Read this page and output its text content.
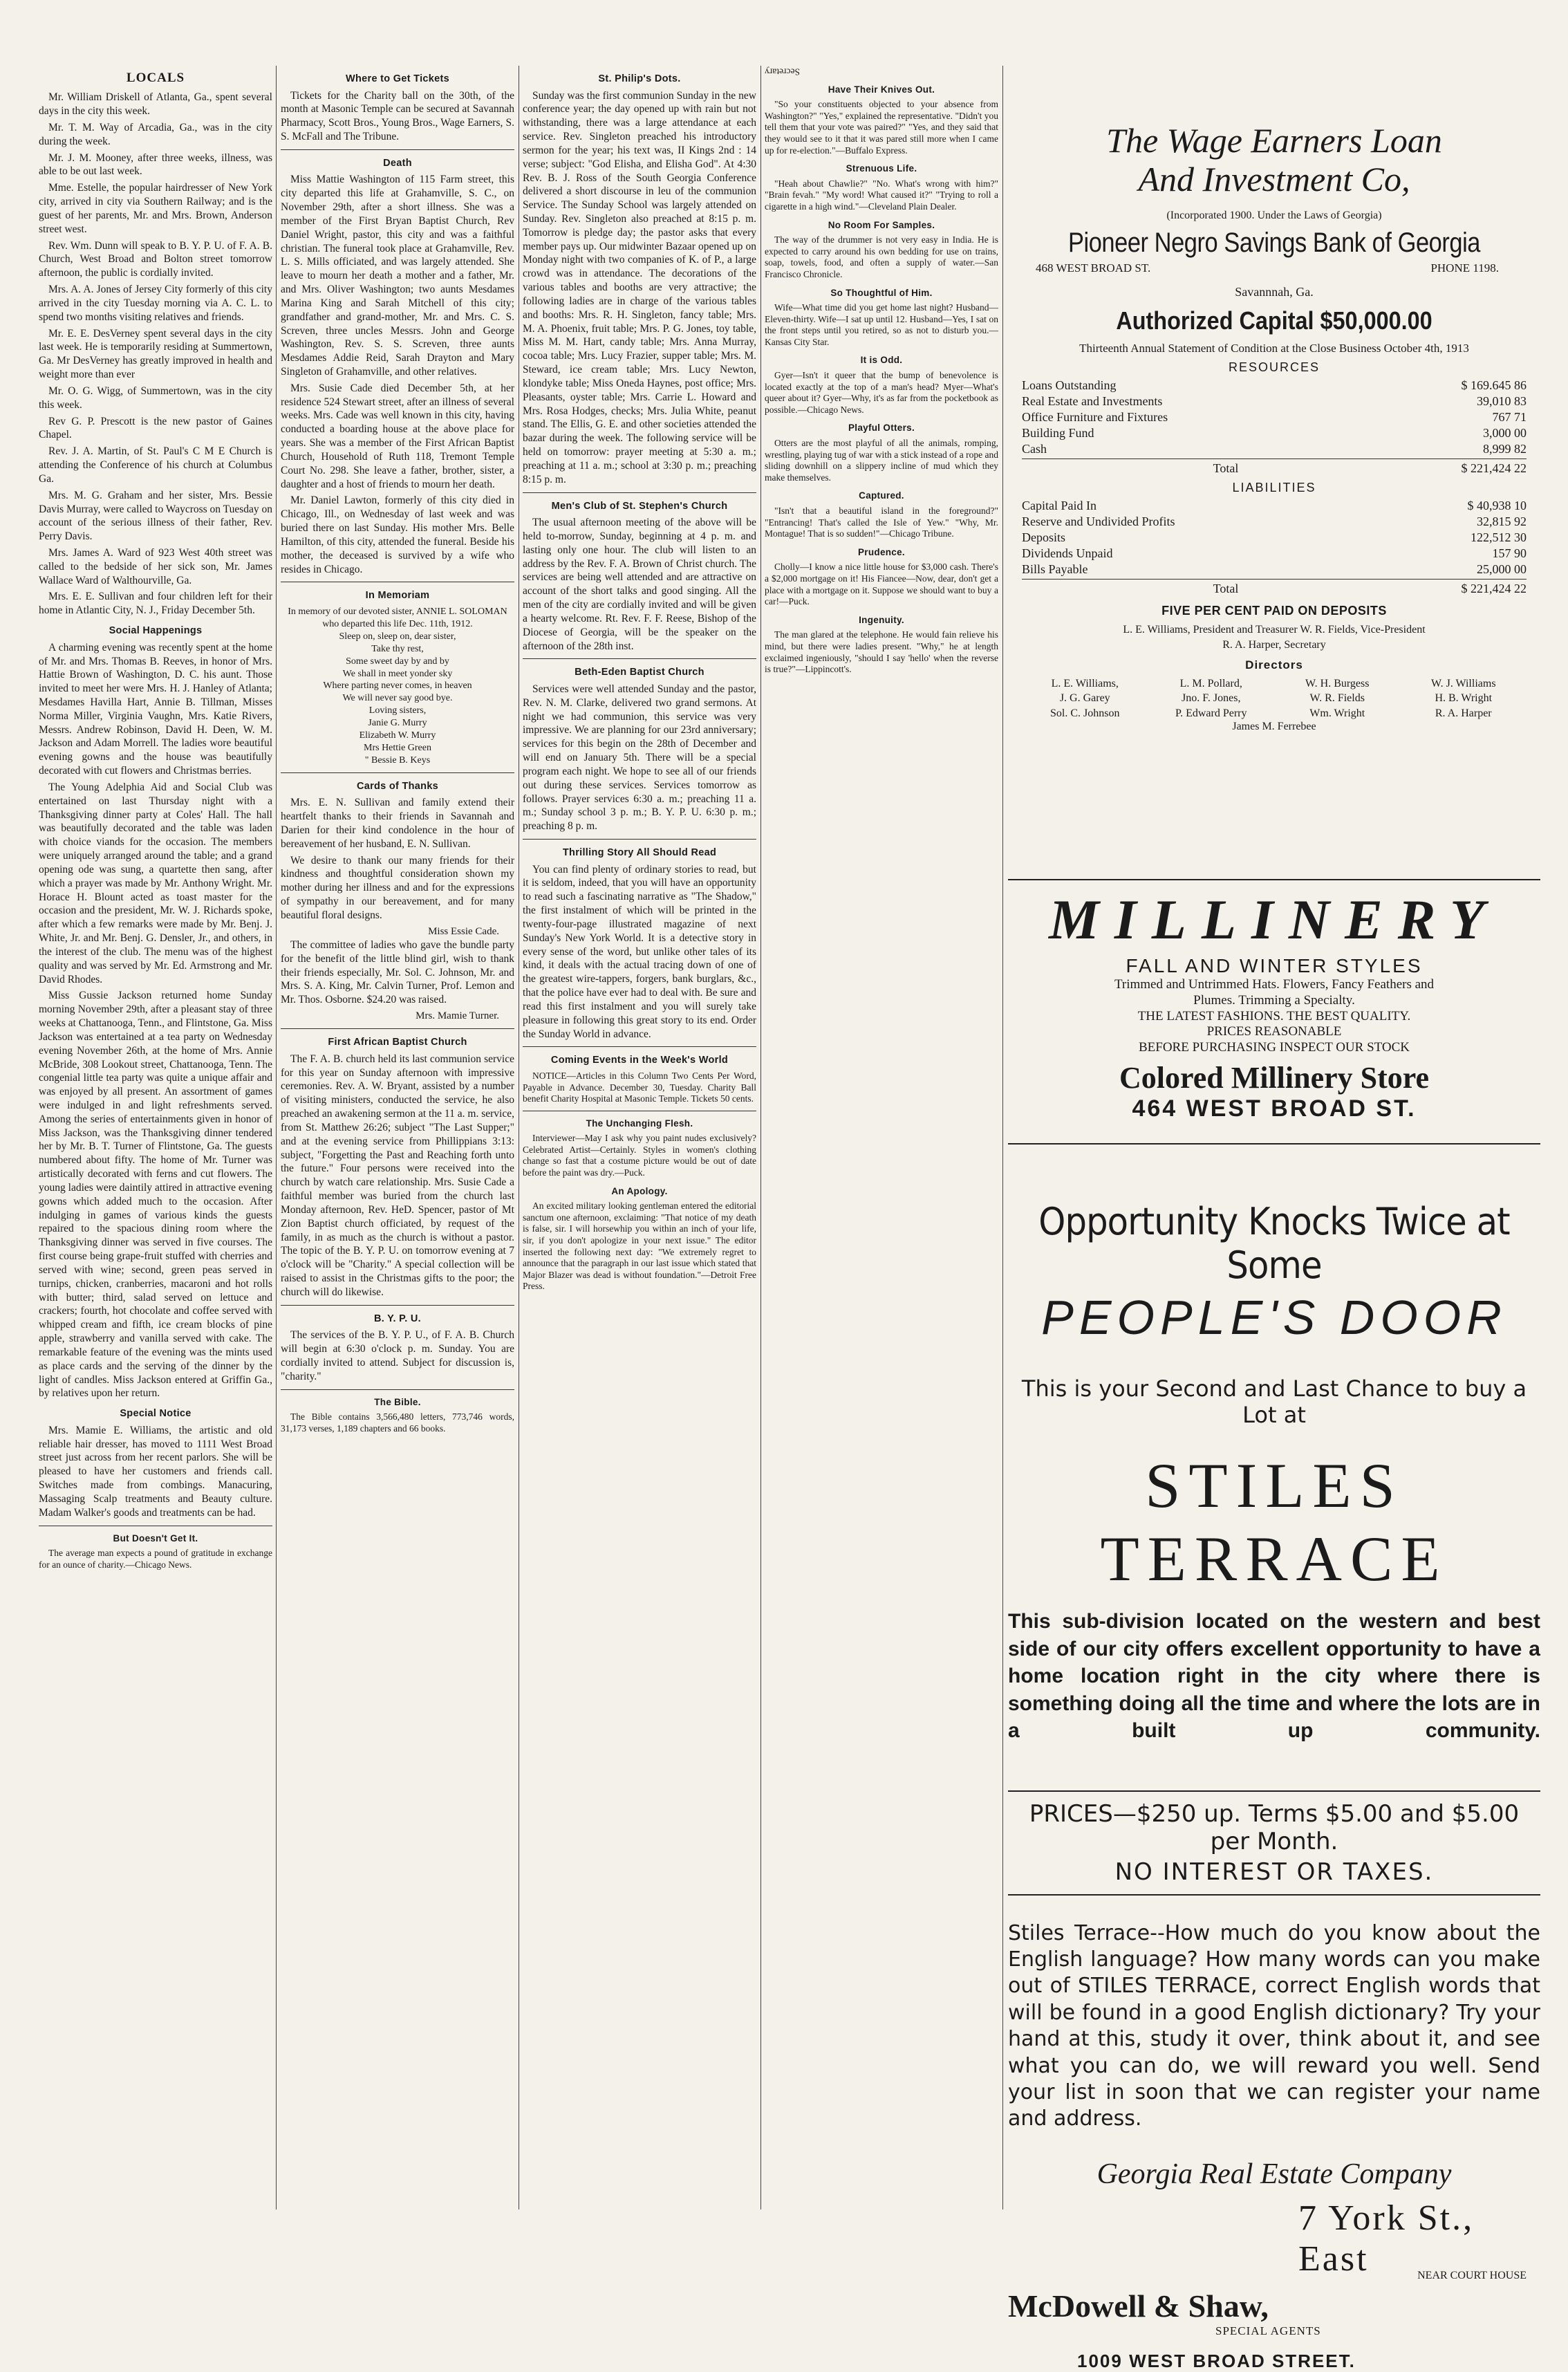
LOCALS

Mr. William Driskell of Atlanta, Ga., spent several days in the city this week.

Mr. T. M. Way of Arcadia, Ga., was in the city during the week.

Mr. J. M. Mooney, after three weeks, illness, was able to be out last week.

Mme. Estelle, the popular hairdresser of New York city, arrived in city via Southern Railway; and is the guest of her parents, Mr. and Mrs. Brown, Anderson street west.

Rev. Wm. Dunn will speak to B. Y. P. U. of F. A. B. Church, West Broad and Bolton street tomorrow afternoon, the public is cordially invited.

Mrs. A. A. Jones of Jersey City formerly of this city arrived in the city Tuesday morning via A. C. L. to spend two months visiting relatives and friends.

Mr. E. E. DesVerney spent several days in the city last week. He is temporarily residing at Summertown, Ga. Mr DesVerney has greatly improved in health and weight more than ever

Mr. O. G. Wigg, of Summertown, was in the city this week.

Rev G. P. Prescott is the new pastor of Gaines Chapel.

Rev. J. A. Martin, of St. Paul's C M E Church is attending the Conference of his church at Columbus Ga.

Mrs. M. G. Graham and her sister, Mrs. Bessie Davis Murray, were called to Waycross on Tuesday on account of the serious illness of their father, Rev. Perry Davis.

Mrs. James A. Ward of 923 West 40th street was called to the bedside of her sick son, Mr. James Wallace Ward of Walthourville, Ga.

Mrs. E. E. Sullivan and four children left for their home in Atlantic City, N. J., Friday December 5th.

Social Happenings

A charming evening was recently spent at the home of Mr. and Mrs. Thomas B. Reeves, in honor of Mrs. Hattie Brown of Washington, D. C. his aunt. Those invited to meet her were Mrs. H. J. Hanley of Atlanta; Mesdames Havilla Hart, Annie B. Tillman, Misses Norma Miller, Virginia Vaughn, Mrs. Katie Rivers, Messrs. Andrew Robinson, David H. Deen, W. M. Jackson and Adam Morrell. The ladies wore beautiful evening gowns and the house was beautifully decorated with cut flowers and Christmas berries.

The Young Adelphia Aid and Social Club was entertained on last Thursday night with a Thanksgiving dinner party at Coles' Hall. The hall was beautifully decorated and the table was laden with choice viands for the occasion. The members were uniquely arranged around the table; and a grand opening ode was sung, a quartette then sang, after which a prayer was made by Mr. Anthony Wright. Mr. Horace H. Blount acted as toast master for the occasion and the president, Mr. W. J. Richards spoke, after which a few remarks were made by Mr. Benj. J. White, Jr. and Mr. Benj. G. Densler, Jr., and others, in the interest of the club. The menu was of the highest quality and was served by Mr. Ed. Armstrong and Mr. David Rhodes.

Miss Gussie Jackson returned home Sunday morning November 29th, after a pleasant stay of three weeks at Chattanooga, Tenn., and Flintstone, Ga. Miss Jackson was entertained at a tea party on Wednesday evening November 26th, at the home of Mrs. Annie McBride, 308 Lookout street, Chattanooga, Tenn. The congenial little tea party was quite a unique affair and was enjoyed by all present. An assortment of games were indulged in and light refreshments served. Among the series of entertainments given in honor of Miss Jackson, was the Thanksgiving dinner tendered her by Mr. B. T. Turner of Flintstone, Ga. The guests numbered about fifty. The home of Mr. Turner was artistically decorated with ferns and cut flowers. The young ladies were daintily attired in attractive evening gowns which added much to the occasion. After indulging in games of various kinds the guests repaired to the spacious dining room where the Thanksgiving dinner was served in five courses. The first course being grape-fruit stuffed with cherries and served with wine; second, green peas served in turnips, chicken, cranberries, macaroni and hot rolls with butter; third, salad served on lettuce and crackers; fourth, hot chocolate and coffee served with whipped cream and fifth, ice cream blocks of pine apple, strawberry and vanilla served with cake. The remarkable feature of the evening was the mints used as place cards and the serving of the dinner by the light of candles. Miss Jackson entered at Griffin Ga., by relatives upon her return.

Special Notice

Mrs. Mamie E. Williams, the artistic and old reliable hair dresser, has moved to 1111 West Broad street just across from her recent parlors. She will be pleased to have her customers and friends call. Switches made from combings. Manacuring, Massaging Scalp treatments and Beauty culture. Madam Walker's goods and treatments can be had.

But Doesn't Get It.

The average man expects a pound of gratitude in exchange for an ounce of charity.—Chicago News.

Where to Get Tickets

Tickets for the Charity ball on the 30th, of the month at Masonic Temple can be secured at Savannah Pharmacy, Scott Bros., Young Bros., Wage Earners, S. S. McFall and The Tribune.

Death

Miss Mattie Washington of 115 Farm street, this city departed this life at Grahamville, S. C., on November 29th, after a short illness. She was a member of the First Bryan Baptist Church, Rev Daniel Wright, pastor, this city and was a faithful christian. The funeral took place at Grahamville, Rev. L. S. Mills officiated, and was largely attended. She leave to mourn her death a mother and a father, Mr. and Mrs. Oliver Washington; two aunts Mesdames Marina King and Sarah Mitchell of this city; grandfather and grand-mother, Mr. and Mrs. C. S. Screven, three uncles Messrs. John and George Washington, Rev. S. S. Screven, three aunts Mesdames Addie Reid, Sarah Drayton and Mary Singleton of Grahamville, and other relatives.

Mrs. Susie Cade died December 5th, at her residence 524 Stewart street, after an illness of several weeks. Mrs. Cade was well known in this city, having conducted a boarding house at the above place for years. She was a member of the First African Baptist Church, Household of Ruth 118, Tremont Temple Court No. 298. She leave a father, brother, sister, a daughter and a host of friends to mourn her death.

Mr. Daniel Lawton, formerly of this city died in Chicago, Ill., on Wednesday of last week and was buried there on last Sunday. His mother Mrs. Belle Hamilton, of this city, attended the funeral. Beside his mother, the deceased is survived by a wife who resides in Chicago.

In Memoriam
In memory of our devoted sister, ANNIE L. SOLOMAN who departed this life Dec. 11th, 1912.
Sleep on, sleep on, dear sister,
Take thy rest,
Some sweet day by and by
We shall in meet yonder sky
Where parting never comes, in heaven
We will never say good bye.
Loving sisters,
Janie G. Murry
Elizabeth W. Murry
Mrs Hettie Green
" Bessie B. Keys
Cards of Thanks

Mrs. E. N. Sullivan and family extend their heartfelt thanks to their friends in Savannah and Darien for their kind condolence in the hour of bereavement of her husband, E. N. Sullivan.

We desire to thank our many friends for their kindness and thoughtful consideration shown my mother during her illness and and for the expressions of sympathy in our bereavement, and for many beautiful floral designs.

Miss Essie Cade.

The committee of ladies who gave the bundle party for the benefit of the little blind girl, wish to thank their friends especially, Mr. Sol. C. Johnson, Mr. and Mrs. S. A. King, Mr. Calvin Turner, Prof. Lemon and Mr. Thos. Osborne. $24.20 was raised.

Mrs. Mamie Turner.
First African Baptist Church

The F. A. B. church held its last communion service for this year on Sunday afternoon with impressive ceremonies. Rev. A. W. Bryant, assisted by a number of visiting ministers, conducted the service, he also preached an awakening sermon at the 11 a. m. service, from St. Matthew 26:26; subject "The Last Supper;" and at the evening service from Phillippians 3:13: subject, "Forgetting the Past and Reaching forth unto the future." Four persons were received into the church by watch care relationship. Mrs. Susie Cade a faithful member was buried from the church last Monday afternoon, Rev. HeD. Spencer, pastor of Mt Zion Baptist church officiated, by request of the family, in as much as the church is without a pastor. The topic of the B. Y. P. U. on tomorrow evening at 7 o'clock will be "Charity." A special collection will be raised to assist in the Christmas gifts to the poor; the church will do likewise.

B. Y. P. U.

The services of the B. Y. P. U., of F. A. B. Church will begin at 6:30 o'clock p. m. Sunday. You are cordially invited to attend. Subject for discussion is, "charity."

The Bible.

The Bible contains 3,566,480 letters, 773,746 words, 31,173 verses, 1,189 chapters and 66 books.

St. Philip's Dots.

Sunday was the first communion Sunday in the new conference year; the day opened up with rain but not withstanding, there was a large attendance at each service. Rev. Singleton preached his introductory sermon for the year; his text was, II Kings 2nd : 14 verse; subject: "God Elisha, and Elisha God". At 4:30 Rev. B. J. Ross of the South Georgia Conference delivered a short discourse in leu of the communion Service. The Sunday School was largely attended on Sunday. Rev. Singleton also preached at 8:15 p. m. Tomorrow is pledge day; the pastor asks that every member pays up. Our midwinter Bazaar opened up on Monday night with two companies of K. of P., a large crowd was in attendance. The decorations of the various tables and booths are very attractive; the following ladies are in charge of the various tables and booths: Mrs. R. H. Singleton, fancy table; Mrs. M. A. Phoenix, fruit table; Mrs. P. G. Jones, toy table, Miss M. M. Hart, candy table; Mrs. Anna Murray, cocoa table; Mrs. Lucy Frazier, supper table; Mrs. M. Steward, ice cream table; Mrs. Lucy Newton, klondyke table; Miss Oneda Haynes, post office; Mrs. Pleasants, oyster table; Mrs. Carrie L. Howard and Mrs. Rosa Hodges, checks; Mrs. Julia White, peanut stand. The Ellis, G. E. and other societies attended the bazar during the week. The following service will be held on tomorrow: prayer meeting at 5:30 a. m.; preaching at 11 a. m.; school at 3:30 p. m.; preaching 8:15 p. m.

Men's Club of St. Stephen's Church

The usual afternoon meeting of the above will be held to-morrow, Sunday, beginning at 4 p. m. and lasting only one hour. The club will listen to an address by the Rev. F. A. Brown of Christ church. The services are being well attended and are attractive on account of the short talks and good singing. All the men of the city are cordially invited and will be given a hearty welcome. Rt. Rev. F. F. Reese, Bishop of the Diocese of Georgia, will be the speaker on the afternoon of the 28th inst.

Beth-Eden Baptist Church

Services were well attended Sunday and the pastor, Rev. N. M. Clarke, delivered two grand sermons. At night we had communion, this service was very impressive. We are planning for our 23rd anniversary; services for this begin on the 28th of December and will end on January 5th. There will be a special program each night. We hope to see all of our friends out during these services. Services tomorrow as follows. Prayer services 6:30 a. m.; preaching 11 a. m.; Sunday school 3 p. m.; B. Y. P. U. 6:30 p. m.; preaching 8 p. m.

Thrilling Story All Should Read

You can find plenty of ordinary stories to read, but it is seldom, indeed, that you will have an opportunity to read such a fascinating narrative as "The Shadow," the first instalment of which will be printed in the twenty-four-page illustrated magazine of next Sunday's New York World. It is a detective story in every sense of the word, but unlike other tales of its kind, it deals with the actual tracing down of one of the greatest wire-tappers, forgers, bank burglars, &c., that the police have ever had to deal with. Be sure and read this first instalment and you will surely take pleasure in following this great story to its end. Order the Sunday World in advance.

Coming Events in the Week's World

NOTICE—Articles in this Column Two Cents Per Word, Payable in Advance. December 30, Tuesday. Charity Ball benefit Charity Hospital at Masonic Temple. Tickets 50 cents.

The Unchanging Flesh.

Interviewer—May I ask why you paint nudes exclusively? Celebrated Artist—Certainly. Styles in women's clothing change so fast that a costume picture would be out of date before the paint was dry.—Puck.

An Apology.

An excited military looking gentleman entered the editorial sanctum one afternoon, exclaiming: "That notice of my death is false, sir. I will horsewhip you within an inch of your life, sir, if you don't apologize in your next issue." The editor inserted the following next day: "We extremely regret to announce that the paragraph in our last issue which stated that Major Blazer was dead is without foundation."—Detroit Free Press.

Secretary
Have Their Knives Out.

"So your constituents objected to your absence from Washington?" "Yes," explained the representative. "Didn't you tell them that your vote was paired?" "Yes, and they said that they would see to it that it was pared still more when I came up for re-election."—Buffalo Express.

Strenuous Life.

"Heah about Chawlie?" "No. What's wrong with him?" "Brain fevah." "My word! What caused it?" "Trying to roll a cigarette in a high wind."—Cleveland Plain Dealer.

No Room For Samples.

The way of the drummer is not very easy in India. He is expected to carry around his own bedding for use on trains, soap, towels, food, and often a supply of water.—San Francisco Chronicle.

So Thoughtful of Him.

Wife—What time did you get home last night? Husband—Eleven-thirty. Wife—I sat up until 12. Husband—Yes, I sat on the front steps until you retired, so as not to disturb you.—Kansas City Star.

It is Odd.

Gyer—Isn't it queer that the bump of benevolence is located exactly at the top of a man's head? Myer—What's queer about it? Gyer—Why, it's as far from the pocketbook as possible.—Chicago News.

Playful Otters.

Otters are the most playful of all the animals, romping, wrestling, playing tug of war with a stick instead of a rope and sliding downhill on a slippery incline of mud which they make themselves.

Captured.

"Isn't that a beautiful island in the foreground?" "Entrancing! That's called the Isle of Yew." "Why, Mr. Montague! That is so sudden!"—Chicago Tribune.

Prudence.

Cholly—I know a nice little house for $3,000 cash. There's a $2,000 mortgage on it! His Fiancee—Now, dear, don't get a place with a mortgage on it. Suppose we should want to buy a car!—Puck.

Ingenuity.

The man glared at the telephone. He would fain relieve his mind, but there were ladies present. "Why," he at length exclaimed ingeniously, "should I say 'hello' when the reverse is true?"—Lippincott's.

The Wage Earners Loan
And Investment Co,
(Incorporated 1900. Under the Laws of Georgia)
Pioneer Negro Savings Bank of Georgia
468 WEST BROAD ST.	PHONE 1198.
Savannnah, Ga.
Authorized Capital $50,000.00
Thirteenth Annual Statement of Condition at the Close Business October 4th, 1913
RESOURCES
Loans Outstanding	$ 169.645 86
Real Estate and Investments	39,010 83
Office Furniture and Fixtures	767 71
Building Fund	3,000 00
Cash	8,999 82
Total	$ 221,424 22
LIABILITIES
Capital Paid In	$ 40,938 10
Reserve and Undivided Profits	32,815 92
Deposits	122,512 30
Dividends Unpaid	157 90
Bills Payable	25,000 00
Total	$ 221,424 22
FIVE PER CENT PAID ON DEPOSITS
L. E. Williams, President and Treasurer W. R. Fields, Vice-President
R. A. Harper, Secretary
Directors
L. E. Williams,	L. M. Pollard,	W. H. Burgess	W. J. Williams
J. G. Garey	Jno. F. Jones,	W. R. Fields	H. B. Wright
Sol. C. Johnson	P. Edward Perry	Wm. Wright	R. A. Harper
James M. Ferrebee
MILLINERY
FALL AND WINTER STYLES
Trimmed and Untrimmed Hats. Flowers, Fancy Feathers and
Plumes. Trimming a Specialty.
THE LATEST FASHIONS. THE BEST QUALITY.
PRICES REASONABLE
BEFORE PURCHASING INSPECT OUR STOCK
Colored Millinery Store
464 WEST BROAD ST.
Opportunity Knocks Twice at Some
PEOPLE'S DOOR
This is your Second and Last Chance to buy a Lot at
STILES TERRACE
This sub-division located on the western and best side of our city offers excellent opportunity to have a home location right in the city where there is something doing all the time and where the lots are in a built up community.
PRICES—$250 up. Terms $5.00 and $5.00 per Month.
NO INTEREST OR TAXES.
Stiles Terrace--How much do you know about the English language? How many words can you make out of STILES TERRACE, correct English words that will be found in a good English dictionary? Try your hand at this, study it over, think about it, and see what you can do, we will reward you well. Send your list in soon that we can register your name and address.
Georgia Real Estate Company
7 York St., East	NEAR COURT HOUSE
McDowell & Shaw,
SPECIAL AGENTS
1009 WEST BROAD STREET.
